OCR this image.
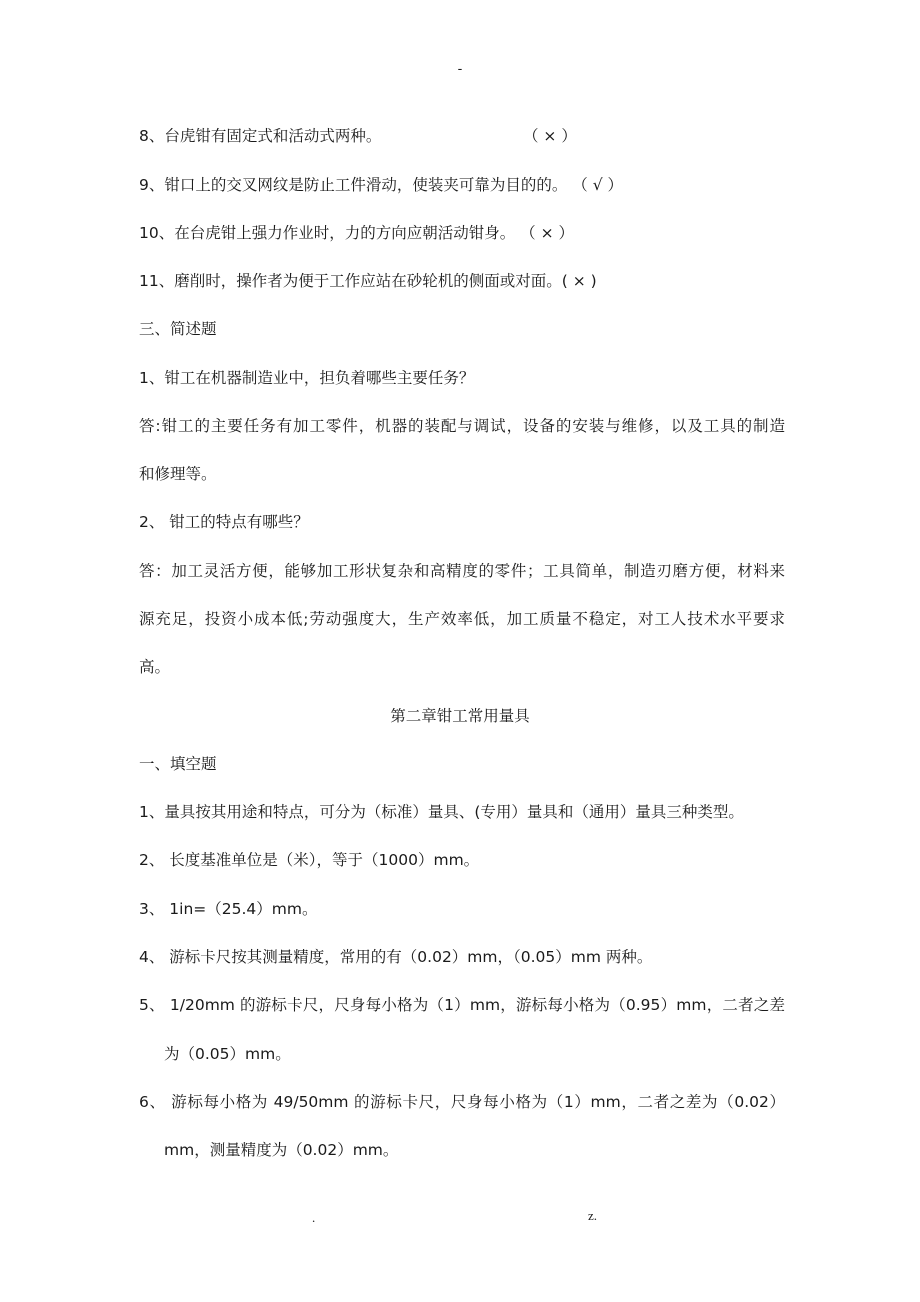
-
8、台虎钳有固定式和活动式两种。	（ × ）
9、钳口上的交叉网纹是防止工件滑动，使装夹可靠为目的的。 （ √ ）
10、在台虎钳上强力作业时，力的方向应朝活动钳身。 （ × ）
11、磨削时，操作者为便于工作应站在砂轮机的侧面或对面。( × )
三、简述题
1、钳工在机器制造业中，担负着哪些主要任务？
答:钳工的主要任务有加工零件，机器的装配与调试，设备的安装与维修，以及工具的制造
和修理等。
2、 钳工的特点有哪些？
答：加工灵活方便，能够加工形状复杂和高精度的零件；工具简单，制造刃磨方便，材料来
源充足，投资小成本低;劳动强度大，生产效率低，加工质量不稳定，对工人技术水平要求
高。
第二章钳工常用量具
一、填空题
1、量具按其用途和特点，可分为（标准）量具、(专用）量具和（通用）量具三种类型。
2、 长度基准单位是（米），等于（1000）mm。
3、 1in=（25.4）mm。
4、 游标卡尺按其测量精度，常用的有（0.02）mm，（0.05）mm 两种。
5、 1/20mm 的游标卡尺，尺身每小格为（1）mm，游标每小格为（0.95）mm，二者之差
为（0.05）mm。
6、 游标每小格为 49/50mm 的游标卡尺，尺身每小格为（1）mm，二者之差为（0.02）
mm，测量精度为（0.02）mm。
.	z.
